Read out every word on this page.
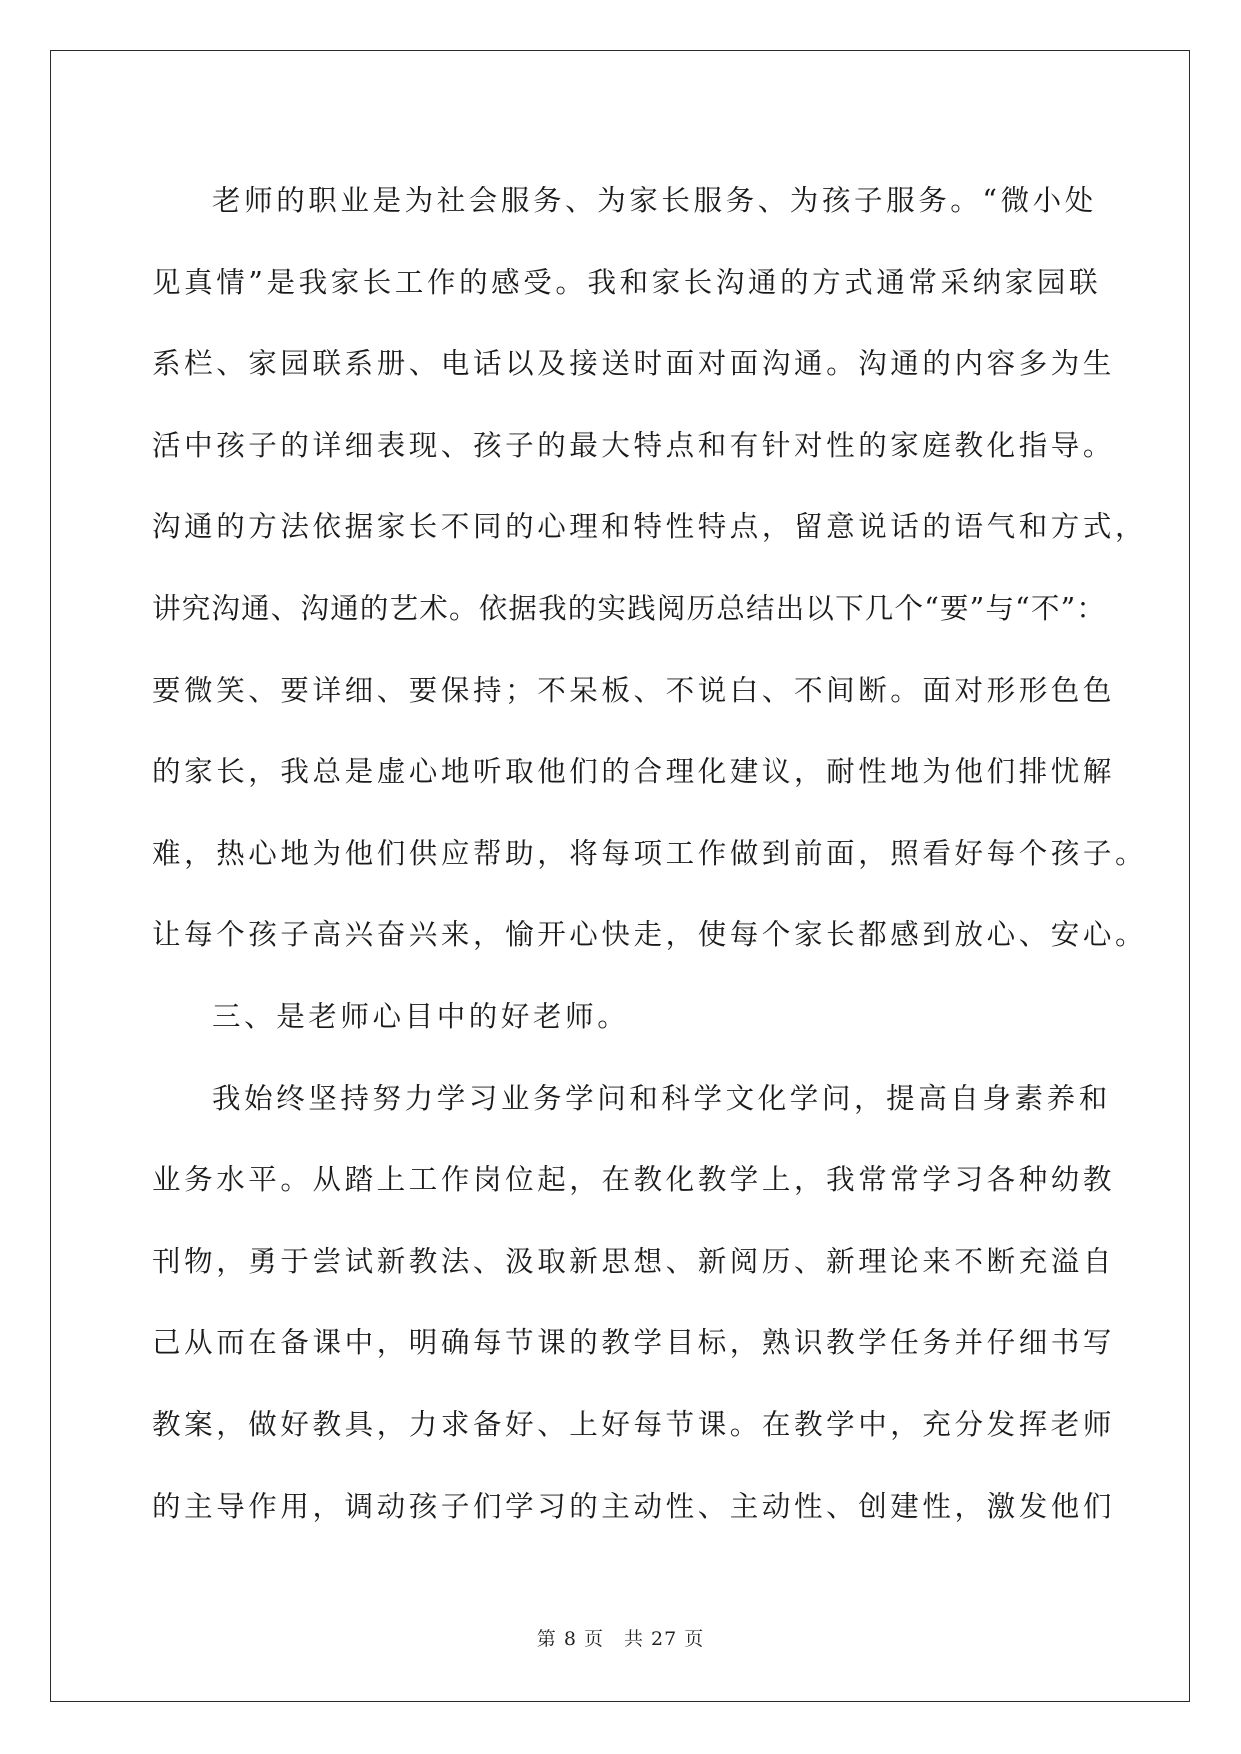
老师的职业是为社会服务、为家长服务、为孩子服务。“微小处
见真情”是我家长工作的感受。我和家长沟通的方式通常采纳家园联
系栏、家园联系册、电话以及接送时面对面沟通。沟通的内容多为生
活中孩子的详细表现、孩子的最大特点和有针对性的家庭教化指导。
沟通的方法依据家长不同的心理和特性特点，留意说话的语气和方式，
讲究沟通、沟通的艺术。依据我的实践阅历总结出以下几个“要”与“不”：
要微笑、要详细、要保持；不呆板、不说白、不间断。面对形形色色
的家长，我总是虚心地听取他们的合理化建议，耐性地为他们排忧解
难，热心地为他们供应帮助，将每项工作做到前面，照看好每个孩子。
让每个孩子高兴奋兴来，愉开心快走，使每个家长都感到放心、安心。
三、是老师心目中的好老师。
我始终坚持努力学习业务学问和科学文化学问，提高自身素养和
业务水平。从踏上工作岗位起，在教化教学上，我常常学习各种幼教
刊物，勇于尝试新教法、汲取新思想、新阅历、新理论来不断充溢自
己从而在备课中，明确每节课的教学目标，熟识教学任务并仔细书写
教案，做好教具，力求备好、上好每节课。在教学中，充分发挥老师
的主导作用，调动孩子们学习的主动性、主动性、创建性，激发他们
第 8 页　共 27 页
